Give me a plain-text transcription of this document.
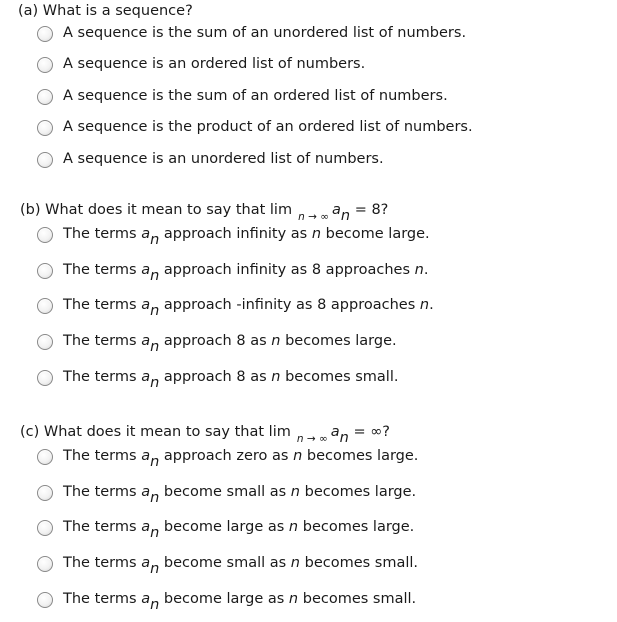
(a) What is a sequence?
A sequence is the sum of an unordered list of numbers.
A sequence is an ordered list of numbers.
A sequence is the sum of an ordered list of numbers.
A sequence is the product of an ordered list of numbers.
A sequence is an unordered list of numbers.
(b) What does it mean to say that lim $_{n \to \infty}$ an = 8?
The terms an approach infinity as n become large.
The terms an approach infinity as 8 approaches n.
The terms an approach -infinity as 8 approaches n.
The terms an approach 8 as n becomes large.
The terms an approach 8 as n becomes small.
(c) What does it mean to say that lim $_{n \to \infty}$ an = ∞?
The terms an approach zero as n becomes large.
The terms an become small as n becomes large.
The terms an become large as n becomes large.
The terms an become small as n becomes small.
The terms an become large as n becomes small.
